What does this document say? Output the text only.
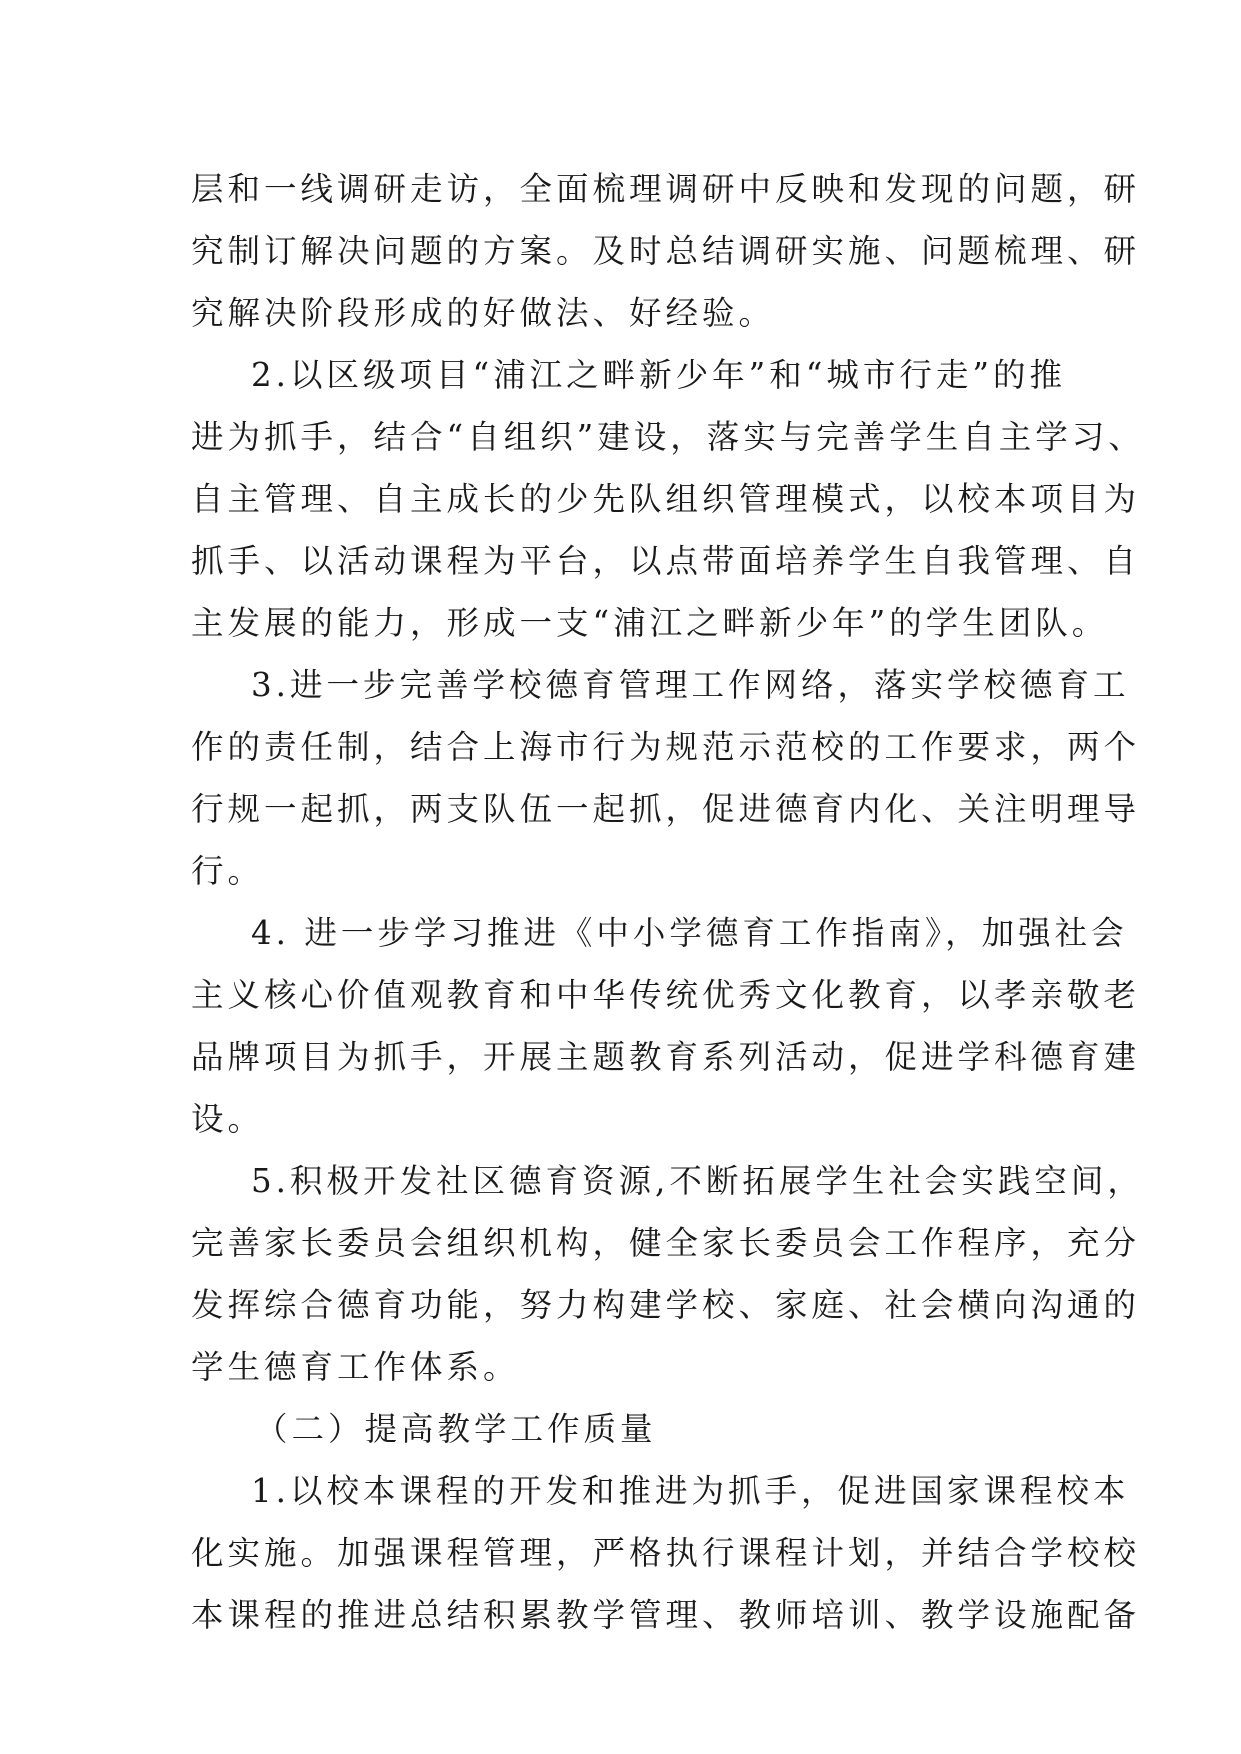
层和一线调研走访，全面梳理调研中反映和发现的问题，研
究制订解决问题的方案。及时总结调研实施、问题梳理、研
究解决阶段形成的好做法、好经验。
2.以区级项目“浦江之畔新少年”和“城市行走”的推
进为抓手，结合“自组织”建设，落实与完善学生自主学习、
自主管理、自主成长的少先队组织管理模式，以校本项目为
抓手、以活动课程为平台，以点带面培养学生自我管理、自
主发展的能力，形成一支“浦江之畔新少年”的学生团队。
3.进一步完善学校德育管理工作网络，落实学校德育工
作的责任制，结合上海市行为规范示范校的工作要求，两个
行规一起抓，两支队伍一起抓，促进德育内化、关注明理导
行。
4. 进一步学习推进《中小学德育工作指南》，加强社会
主义核心价值观教育和中华传统优秀文化教育，以孝亲敬老
品牌项目为抓手，开展主题教育系列活动，促进学科德育建
设。
5.积极开发社区德育资源,不断拓展学生社会实践空间，
完善家长委员会组织机构，健全家长委员会工作程序，充分
发挥综合德育功能，努力构建学校、家庭、社会横向沟通的
学生德育工作体系。
（二）提高教学工作质量
1.以校本课程的开发和推进为抓手，促进国家课程校本
化实施。加强课程管理，严格执行课程计划，并结合学校校
本课程的推进总结积累教学管理、教师培训、教学设施配备
